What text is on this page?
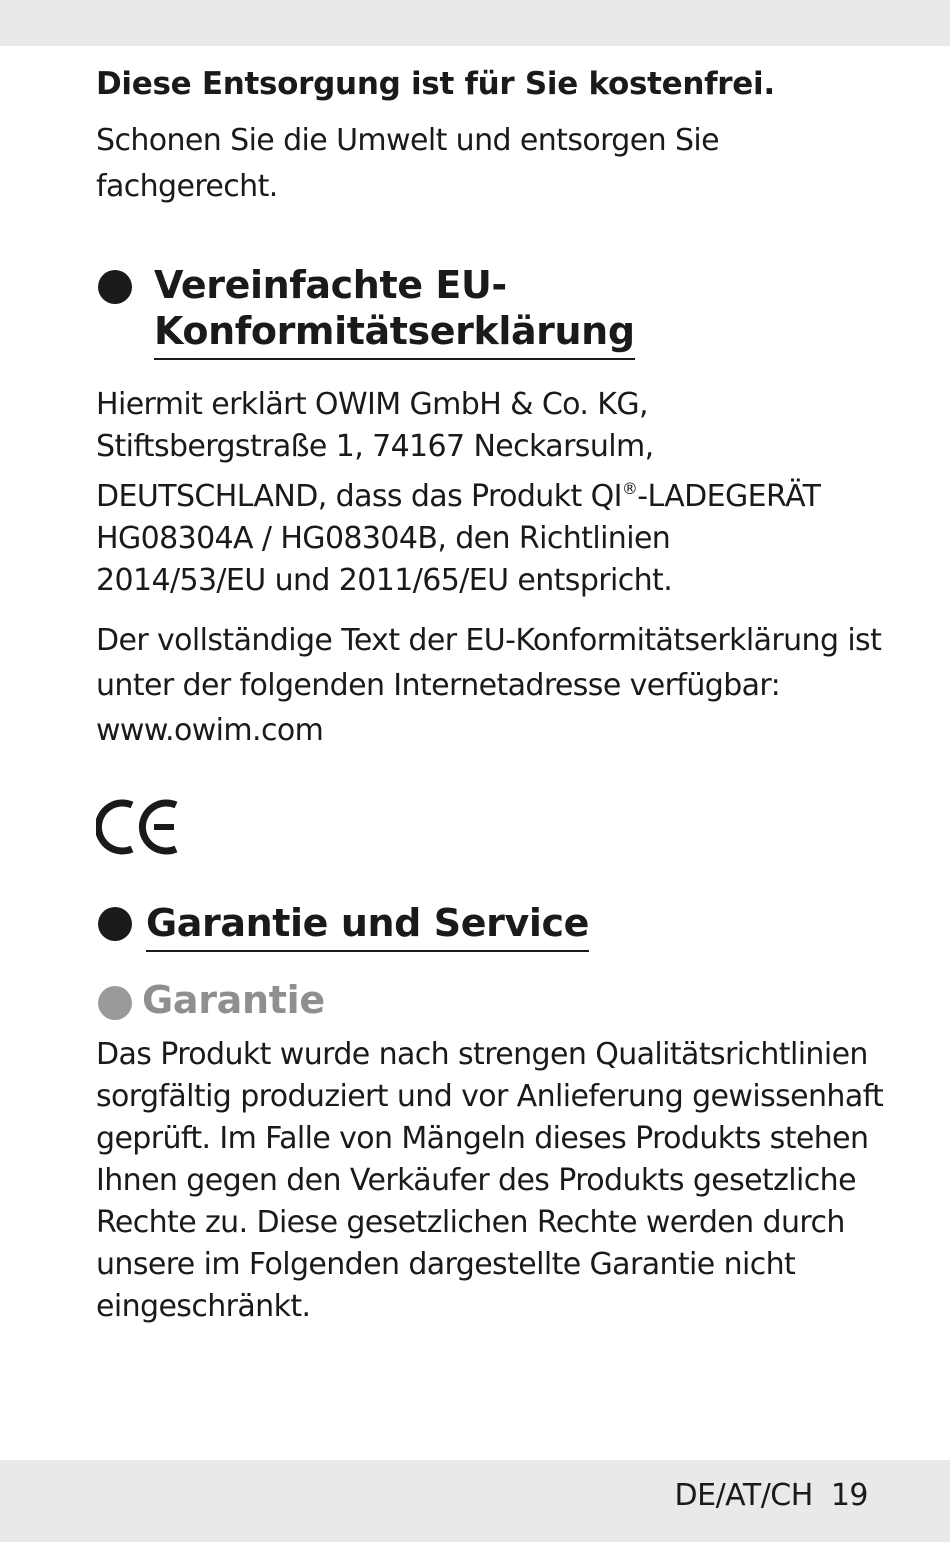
Diese Entsorgung ist für Sie kostenfrei.
Schonen Sie die Umwelt und entsorgen Sie
fachgerecht.
Vereinfachte EU-
Konformitätserklärung
Hiermit erklärt OWIM GmbH & Co. KG,
Stiftsbergstraße 1, 74167 Neckarsulm,
DEUTSCHLAND, dass das Produkt QI®-LADEGERÄT
HG08304A / HG08304B, den Richtlinien
2014/53/EU und 2011/65/EU entspricht.
Der vollständige Text der EU-Konformitätserklärung ist
unter der folgenden Internetadresse verfügbar:
www.owim.com
Garantie und Service
Garantie
Das Produkt wurde nach strengen Qualitätsrichtlinien
sorgfältig produziert und vor Anlieferung gewissenhaft
geprüft. Im Falle von Mängeln dieses Produkts stehen
Ihnen gegen den Verkäufer des Produkts gesetzliche
Rechte zu. Diese gesetzlichen Rechte werden durch
unsere im Folgenden dargestellte Garantie nicht
eingeschränkt.
DE/AT/CH 19
